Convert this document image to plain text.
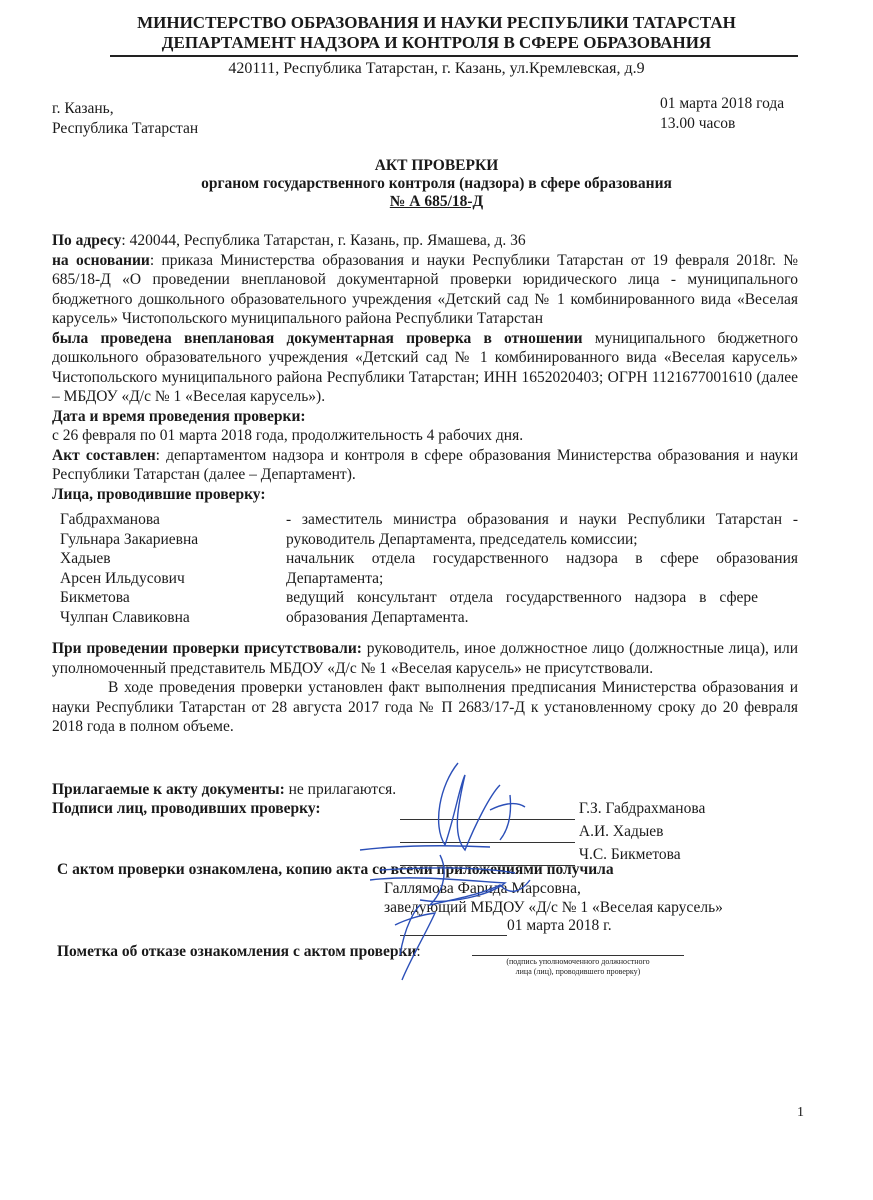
МИНИСТЕРСТВО ОБРАЗОВАНИЯ И НАУКИ РЕСПУБЛИКИ ТАТАРСТАН
ДЕПАРТАМЕНТ НАДЗОРА И КОНТРОЛЯ В СФЕРЕ ОБРАЗОВАНИЯ
420111, Республика Татарстан, г. Казань, ул.Кремлевская, д.9
г. Казань,
Республика Татарстан
01 марта 2018 года
13.00 часов
АКТ ПРОВЕРКИ
органом государственного контроля (надзора) в сфере образования
№ А 685/18-Д
По адресу: 420044, Республика Татарстан, г. Казань, пр. Ямашева, д. 36
на основании: приказа Министерства образования и науки Республики Татарстан от 19 февраля 2018г. № 685/18-Д «О проведении внеплановой документарной проверки юридического лица - муниципального бюджетного дошкольного образовательного учреждения «Детский сад № 1 комбинированного вида «Веселая карусель» Чистопольского муниципального района Республики Татарстан
была проведена внеплановая документарная проверка в отношении муниципального бюджетного дошкольного образовательного учреждения «Детский сад № 1 комбинированного вида «Веселая карусель» Чистопольского муниципального района Республики Татарстан; ИНН 1652020403; ОГРН 1121677001610 (далее – МБДОУ «Д/с № 1 «Веселая карусель»).
Дата и время проведения проверки:
с 26 февраля по 01 марта 2018 года, продолжительность 4 рабочих дня.
Акт составлен: департаментом надзора и контроля в сфере образования Министерства образования и науки Республики Татарстан (далее – Департамент).
Лица, проводившие проверку:
Габдрахманова
Гульнара Закариевна	- заместитель министра образования и науки Республики Татарстан - руководитель Департамента, председатель комиссии;

Хадыев
Арсен Ильдусович	начальник отдела государственного надзора в сфере образования Департамента;

Бикметова
Чулпан Славиковна	ведущий консультант отдела государственного надзора в сфере образования Департамента.
При проведении проверки присутствовали: руководитель, иное должностное лицо (должностные лица), или уполномоченный представитель МБДОУ «Д/с № 1 «Веселая карусель» не присутствовали.
В ходе проведения проверки установлен факт выполнения предписания Министерства образования и науки Республики Татарстан от 28 августа 2017 года № П 2683/17-Д к установленному сроку до 20 февраля 2018 года в полном объеме.
Прилагаемые к акту документы: не прилагаются.
Подписи лиц, проводивших проверку:	Г.З. Габдрахманова
А.И. Хадыев
Ч.С. Бикметова
С актом проверки ознакомлена, копию акта со всеми приложениями получила
Галлямова Фарида Марсовна,
заведующий МБДОУ «Д/с № 1 «Веселая карусель»
01 марта 2018 г.
Пометка об отказе ознакомления с актом проверки:
(подпись уполномоченного должностного
лица (лиц), проводившего проверку)
1
